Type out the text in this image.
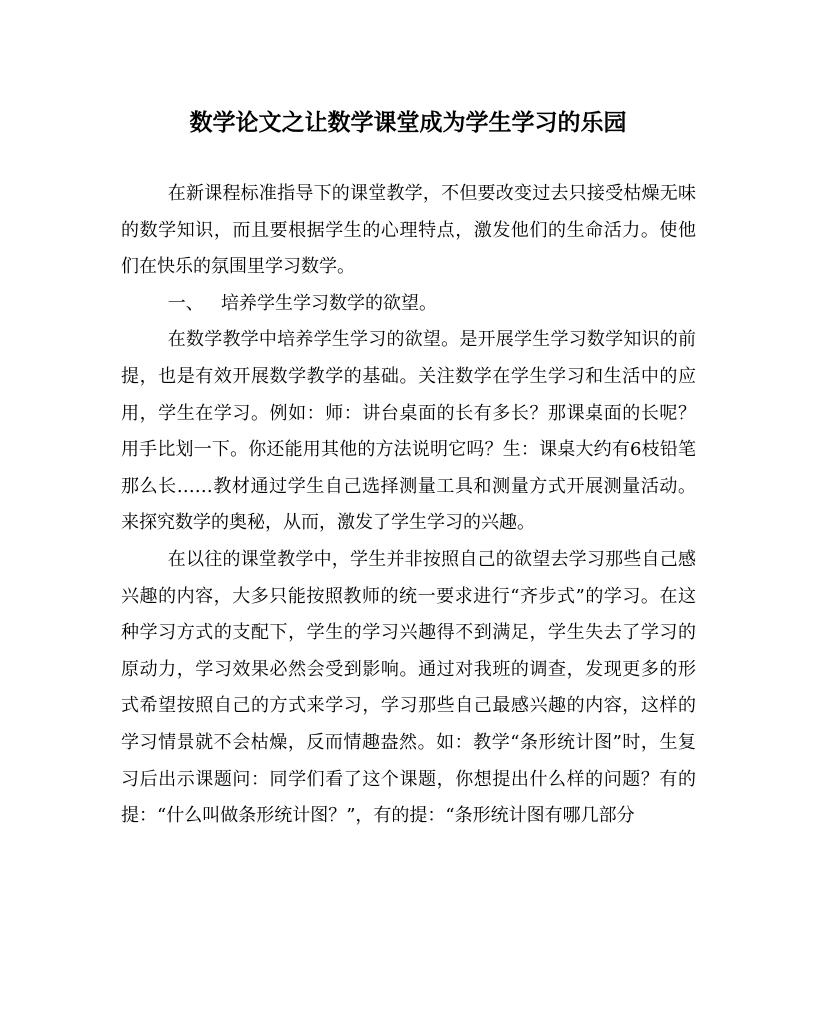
数学论文之让数学课堂成为学生学习的乐园

在新课程标准指导下的课堂教学，不但要改变过去只接受枯燥无味的数学知识，而且要根据学生的心理特点，激发他们的生命活力。使他们在快乐的氛围里学习数学。

一、 培养学生学习数学的欲望。

在数学教学中培养学生学习的欲望。是开展学生学习数学知识的前提，也是有效开展数学教学的基础。关注数学在学生学习和生活中的应用，学生在学习。例如：师：讲台桌面的长有多长？那课桌面的长呢？用手比划一下。你还能用其他的方法说明它吗？生：课桌大约有6枝铅笔那么长……教材通过学生自己选择测量工具和测量方式开展测量活动。来探究数学的奥秘，从而，激发了学生学习的兴趣。

在以往的课堂教学中，学生并非按照自己的欲望去学习那些自己感兴趣的内容，大多只能按照教师的统一要求进行“齐步式”的学习。在这种学习方式的支配下，学生的学习兴趣得不到满足，学生失去了学习的原动力，学习效果必然会受到影响。通过对我班的调查，发现更多的形式希望按照自己的方式来学习，学习那些自己最感兴趣的内容，这样的学习情景就不会枯燥，反而情趣盎然。如：教学“条形统计图”时，生复习后出示课题问：同学们看了这个课题，你想提出什么样的问题？有的提：“什么叫做条形统计图？”，有的提：“条形统计图有哪几部分
